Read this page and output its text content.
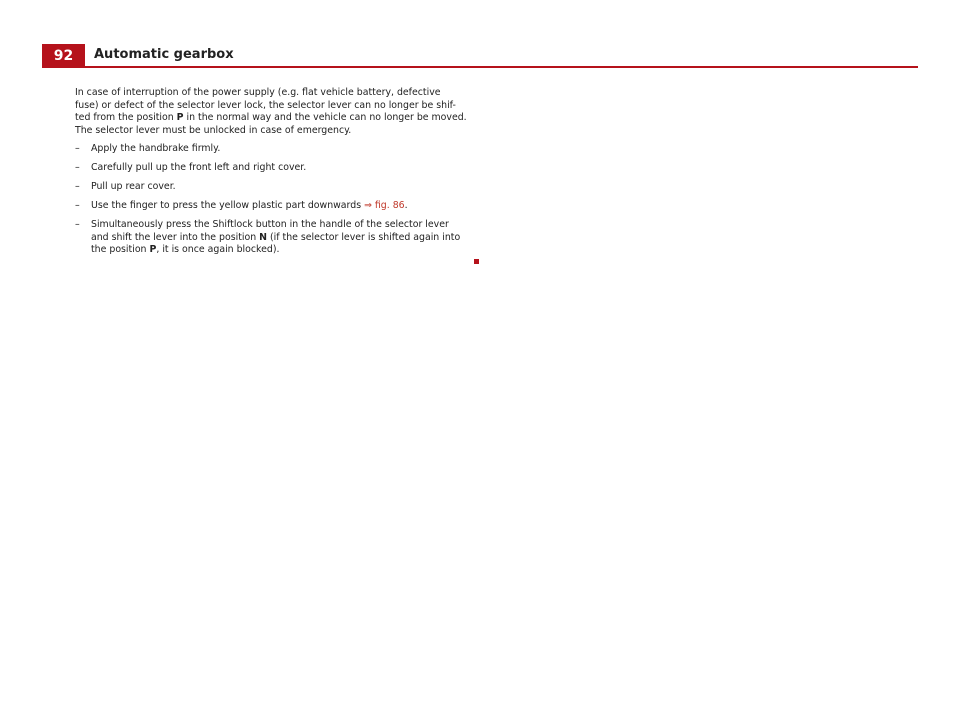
92	Automatic gearbox

In case of interruption of the power supply (e.g. flat vehicle battery, defective
fuse) or defect of the selector lever lock, the selector lever can no longer be shif-
ted from the position P in the normal way and the vehicle can no longer be moved.
The selector lever must be unlocked in case of emergency.

– Apply the handbrake firmly.
– Carefully pull up the front left and right cover.
– Pull up rear cover.
– Use the finger to press the yellow plastic part downwards ⇒ fig. 86.
– Simultaneously press the Shiftlock button in the handle of the selector lever
and shift the lever into the position N (if the selector lever is shifted again into
the position P, it is once again blocked).
